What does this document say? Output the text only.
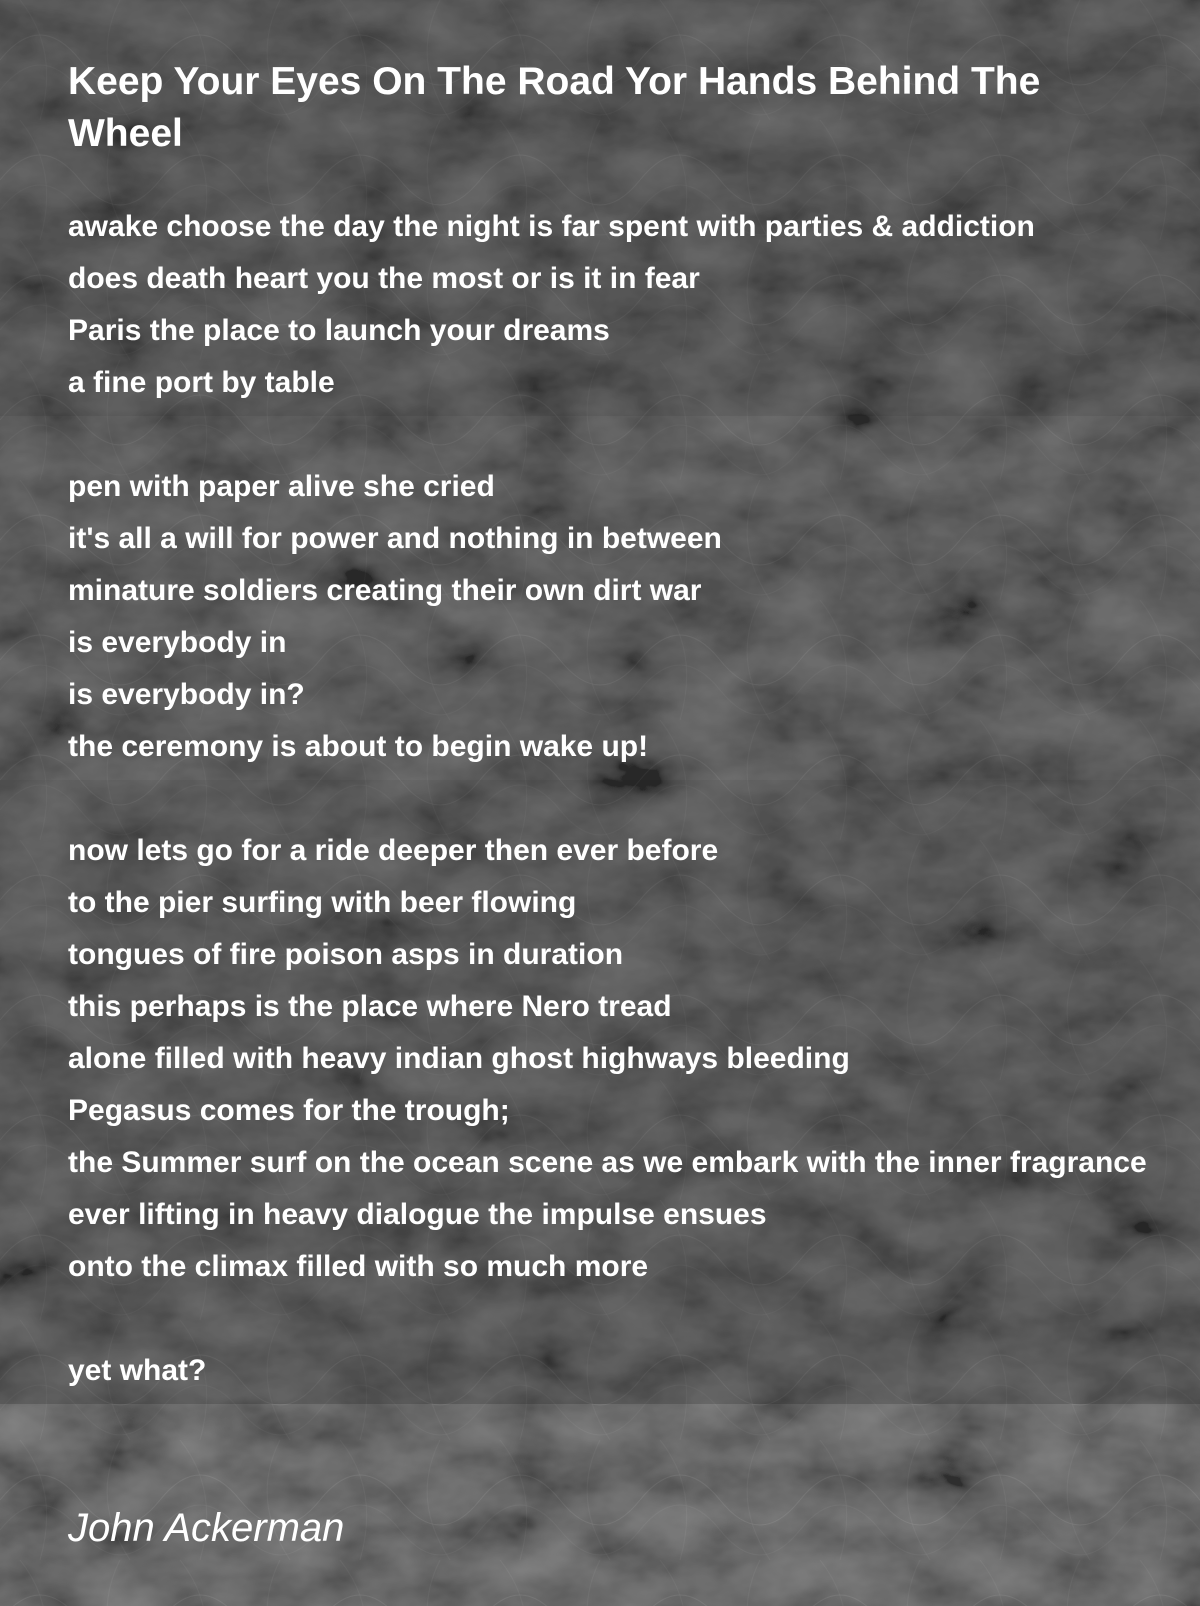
Keep Your Eyes On The Road Yor Hands Behind The Wheel
awake choose the day the night is far spent with parties & addiction
does death heart you the most or is it in fear
Paris the place to launch your dreams
a fine port by table
pen with paper alive she cried
it's all a will for power and nothing in between
minature soldiers creating their own dirt war
is everybody in
is everybody in?
the ceremony is about to begin wake up!
now lets go for a ride deeper then ever before
to the pier surfing with beer flowing
tongues of fire poison asps in duration
this perhaps is the place where Nero tread
alone filled with heavy indian ghost highways bleeding
Pegasus comes for the trough;
the Summer surf on the ocean scene as we embark with the inner fragrance
ever lifting in heavy dialogue the impulse ensues
onto the climax filled with so much more
yet what?

John Ackerman
